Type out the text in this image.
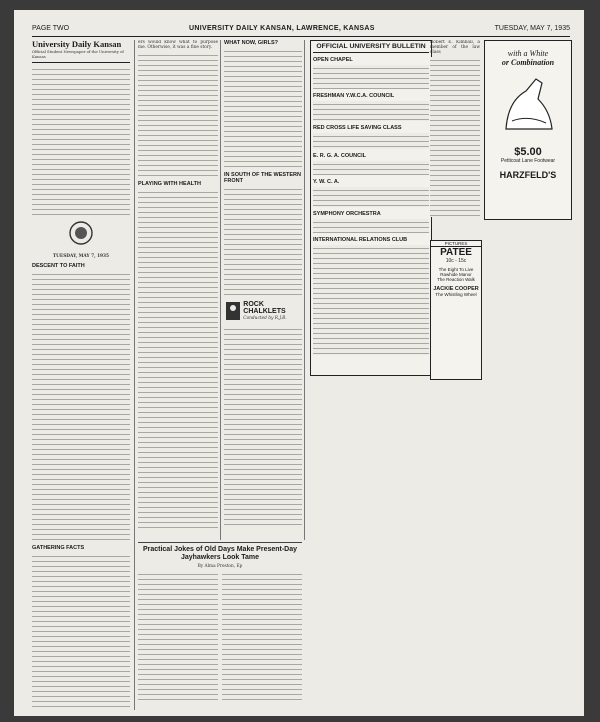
PAGE TWO	UNIVERSITY DAILY KANSAN, LAWRENCE, KANSAS	TUESDAY, MAY 7, 1935
University Daily Kansan
Official Student Newspaper of the University of Kansas
TUESDAY, MAY 7, 1935
DESCENT TO FAITH
GATHERING FACTS
ers would know what to purpose me. Otherwise, it was a fine story.
PLAYING WITH HEALTH
WHAT NOW, GIRLS?
IN SOUTH OF THE WESTERN FRONT
ROCK CHALKLETS
Conducted by R.J.B.
Practical Jokes of Old Days Make Present-Day Jayhawkers Look Tame
By Alma Preston, Ep
OFFICIAL UNIVERSITY BULLETIN
OPEN CHAPEL
FRESHMAN Y.W.C.A. COUNCIL
RED CROSS LIFE SAVING CLASS
E. R. G. A. COUNCIL
Y. W. C. A.
SYMPHONY ORCHESTRA
INTERNATIONAL RELATIONS CLUB
Robert E. Kimball, a member of the law class	with a White
or Combination
$5.00
Petticoat Lane Footwear
HARZFELD'S
PICTURES
PATEE
10c - 15c
The Eight To Live
Rawhide Manor
The Reaction Walk
JACKIE COOPER
The Whistling Wheel
